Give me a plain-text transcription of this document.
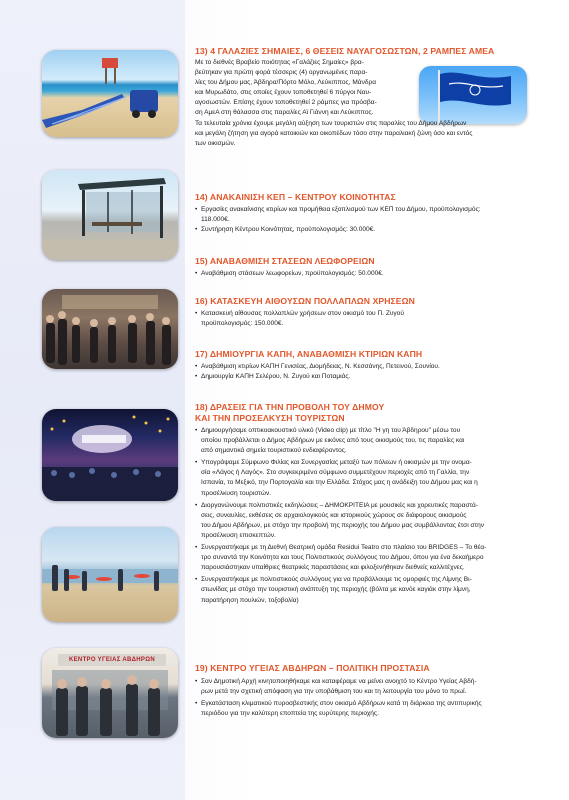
ΚΕΝΤΡΟ ΥΓΕΙΑΣ ΑΒΔΗΡΩΝ
13) 4 ΓΑΛΑΖΙΕΣ ΣΗΜΑΙΕΣ, 6 ΘΕΣΕΙΣ ΝΑΥΑΓΟΣΩΣΤΩΝ, 2 ΡΑΜΠΕΣ ΑΜΕΑ
Με το διεθνές Βραβείο ποιότητας «Γαλάζιες Σημαίες» βρα-
βεύτηκαν για πρώτη φορά τέσσερις (4) οργανωμένες παρα-
λίες του Δήμου μας, Άβδηρα/Πόρτο Μόλο, Λεύκιππος, Μάνδρα
και Μυρωδάτο, στις οποίες έχουν τοποθετηθεί 6 πύργοι Ναυ-
αγοσωστών. Επίσης έχουν τοποθετηθεί 2 ράμπες για πρόσβα-
ση ΑμεΑ στη θάλασσα στις παραλίες Αϊ Γιάννη και Λεύκιππος.
Τα τελευταία χρόνια έχουμε μεγάλη αύξηση των τουριστών στις παραλίες του Δήμου Αβδήρων
και μεγάλη ζήτηση για αγορά κατοικιών και οικοπέδων τόσο στην παραλιακή ζώνη όσο και εντός
των οικισμών.
14) ΑΝΑΚΑΙΝΙΣΗ ΚΕΠ – ΚΕΝΤΡΟΥ ΚΟΙΝΟΤΗΤΑΣ
• Εργασίες ανακαίνισης κτιρίων και προμήθεια εξοπλισμού των ΚΕΠ του Δήμου, προϋπολογισμός:
118.000€.
• Συντήρηση Κέντρου Κοινότητας, προϋπολογισμός: 30.000€.
15) ΑΝΑΒΑΘΜΙΣΗ ΣΤΑΣΕΩΝ ΛΕΩΦΟΡΕΙΩΝ
• Αναβάθμιση στάσεων λεωφορείων, προϋπολογισμός: 50.000€.
16) ΚΑΤΑΣΚΕΥΗ ΑΙΘΟΥΣΩΝ ΠΟΛΛΑΠΛΩΝ ΧΡΗΣΕΩΝ
• Κατασκευή αίθουσας πολλαπλών χρήσεων στον οικισμό του Π. Ζυγού
προϋπολογισμός: 150.000€.
17) ΔΗΜΙΟΥΡΓΙΑ ΚΑΠΗ, ΑΝΑΒΑΘΜΙΣΗ ΚΤΙΡΙΩΝ ΚΑΠΗ
• Αναβάθμιση κτιρίων ΚΑΠΗ Γενισέας, Διομήδειας, Ν. Κεσσάνης, Πετεινού, Σουνίου.
• Δημιουργία ΚΑΠΗ Σελέρου, Ν. Ζυγού και Ποταμιάς.
18) ΔΡΑΣΕΙΣ ΓΙΑ ΤΗΝ ΠΡΟΒΟΛΗ ΤΟΥ ΔΗΜΟΥ
ΚΑΙ ΤΗΝ ΠΡΟΣΕΛΚΥΣΗ ΤΟΥΡΙΣΤΩΝ
• Δημιουργήσαμε οπτικοακουστικό υλικό (Video clip) με τίτλο "Η γη του Άβδηρου" μέσω του
οποίου προβάλλεται ο Δήμος Αβδήρων με εικόνες από τους οικισμούς του, τις παραλίες και
από σημαντικά σημεία τουριστικού ενδιαφέροντος.
• Υπογράψαμε Σύμφωνο Φιλίας και Συνεργασίας μεταξύ των πόλεων ή οικισμών με την ονομα-
σία «Λάγος ή Λαγός». Στο συγκεκριμένο σύμφωνο συμμετέχουν περιοχές από τη Γαλλία, την
Ισπανία, το Μεξικό, την Πορτογαλία και την Ελλάδα. Στόχος μας η ανάδειξη του Δήμου μας και η
προσέλκυση τουριστών.
• Διοργανώνουμε πολιτιστικές εκδηλώσεις – ΔΗΜΟΚΡΙΤΕΙΑ με μουσικές και χορευτικές παραστά-
σεις, συναυλίες, εκθέσεις σε αρχαιολογικούς και ιστορικούς χώρους σε διάφορους οικισμούς
του Δήμου Αβδήρων, με στόχο την προβολή της περιοχής του Δήμου μας συμβάλλοντας έτσι στην
προσέλκυση επισκεπτών.
• Συνεργαστήκαμε με τη Διεθνή Θεατρική ομάδα Residui Teatro στο πλαίσιο του BRIDGES – Το θέα-
τρο συναντά την Κοινότητα και τους Πολιτιστικούς συλλόγους του Δήμου, όπου για ένα δεκαήμερο
παρουσιάστηκαν υπαίθριες θεατρικές παραστάσεις και φιλοξενήθηκαν διεθνείς καλλιτέχνες.
• Συνεργαστήκαμε με πολιτιστικούς συλλόγους για να προβάλλουμε τις ομορφιές της Λίμνης Βι-
στωνίδας με στόχο την τουριστική ανάπτυξη της περιοχής (βόλτα με κανόε καγιάκ στην λίμνη,
παρατήρηση πουλιών, τοξοβολία)
19) ΚΕΝΤΡΟ ΥΓΕΙΑΣ ΑΒΔΗΡΩΝ – ΠΟΛΙΤΙΚΗ ΠΡΟΣΤΑΣΙΑ
• Σαν Δημοτική Αρχή κινητοποιηθήκαμε και καταφέραμε να μείνει ανοιχτό το Κέντρο Υγείας Αβδή-
ρων μετά την σχετική απόφαση για την υποβάθμιση του και τη λειτουργία του μόνο το πρωί.
• Εγκατάσταση κλιματικού πυροσβεστικής στον οικισμό Αβδήρων κατά τη διάρκεια της αντιπυρικής
περιόδου για την καλύτερη εποπτεία της ευρύτερης περιοχής.
